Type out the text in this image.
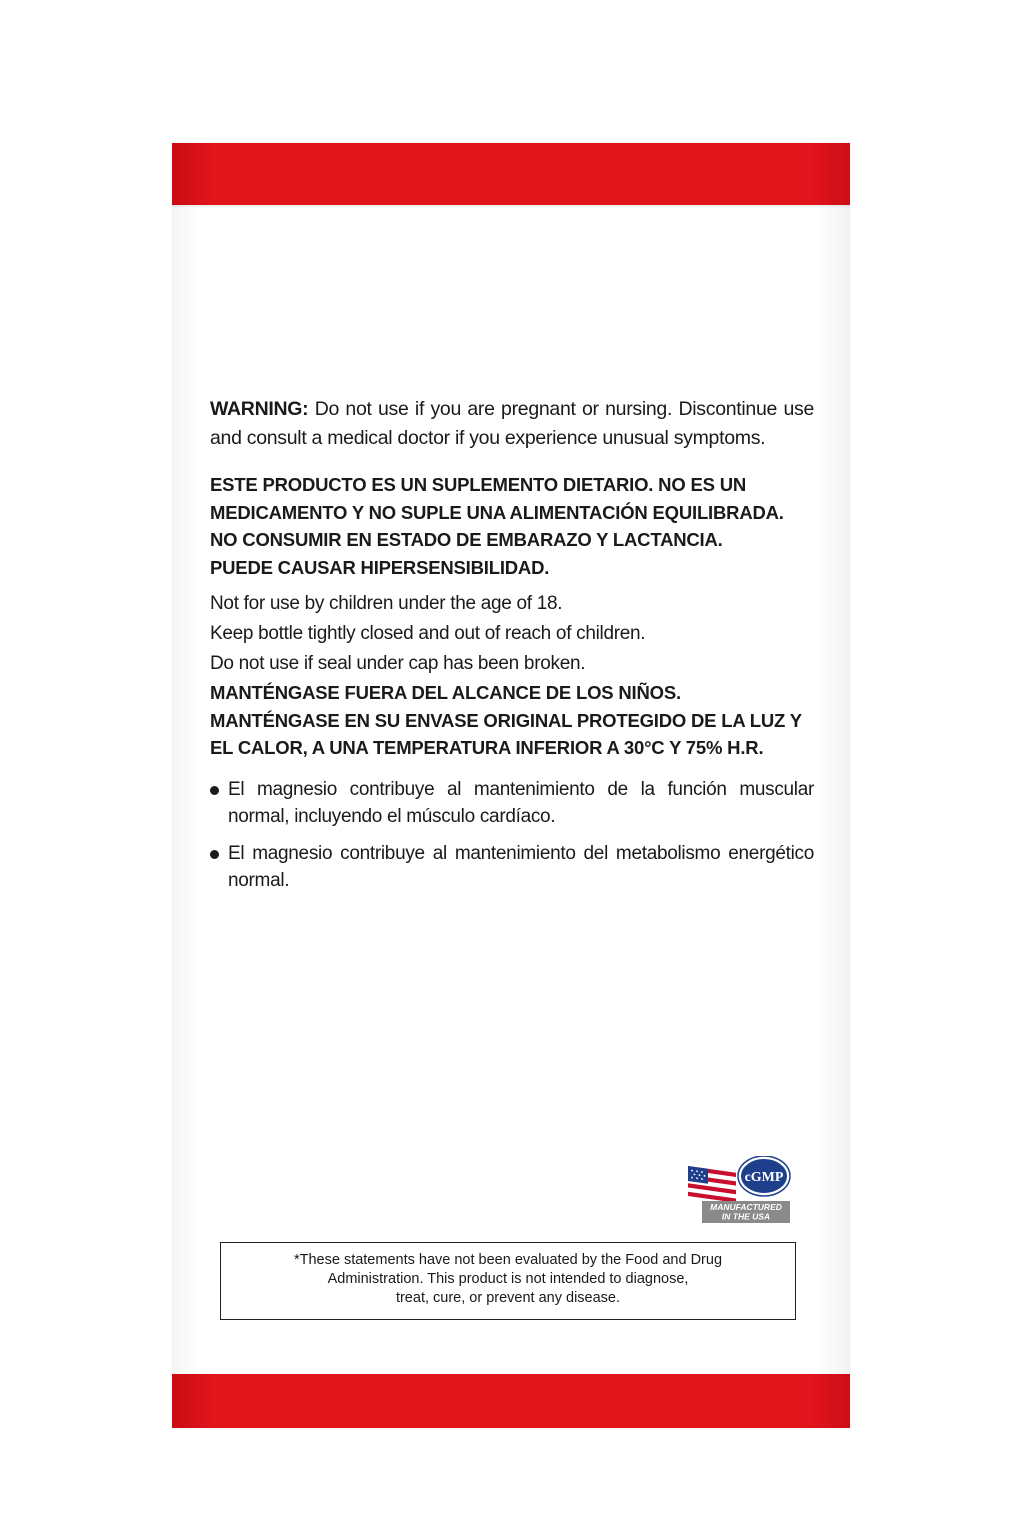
WARNING: Do not use if you are pregnant or nursing. Discontinue use and consult a medical doctor if you experience unusual symptoms.

ESTE PRODUCTO ES UN SUPLEMENTO DIETARIO. NO ES UN

MEDICAMENTO Y NO SUPLE UNA ALIMENTACIÓN EQUILIBRADA.

NO CONSUMIR EN ESTADO DE EMBARAZO Y LACTANCIA.

PUEDE CAUSAR HIPERSENSIBILIDAD.

Not for use by children under the age of 18.

Keep bottle tightly closed and out of reach of children.

Do not use if seal under cap has been broken.

MANTÉNGASE FUERA DEL ALCANCE DE LOS NIÑOS.

MANTÉNGASE EN SU ENVASE ORIGINAL PROTEGIDO DE LA LUZ Y

EL CALOR, A UNA TEMPERATURA INFERIOR A 30°C Y 75% H.R.

El magnesio contribuye al mantenimiento de la función muscular normal, incluyendo el músculo cardíaco.
El magnesio contribuye al mantenimiento del metabolismo energético normal.
cGMP
MANUFACTURED
IN THE USA
*These statements have not been evaluated by the Food and Drug
Administration. This product is not intended to diagnose,
treat, cure, or prevent any disease.
